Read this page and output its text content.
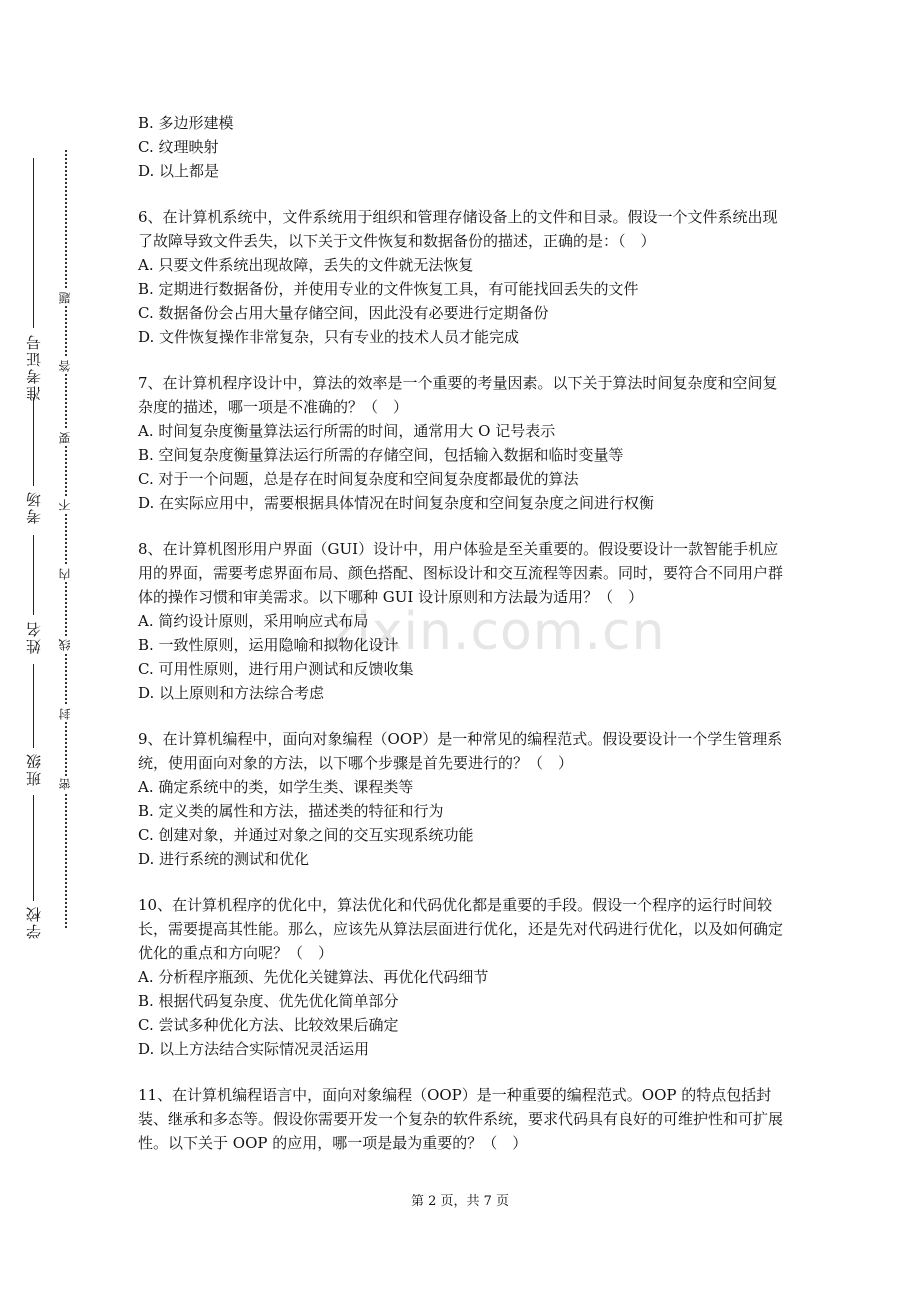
准考证号
考场
姓名
班级
学校
题
答
要
不
内
线
封
密
zixin.com.cn
B. 多边形建模
C. 纹理映射
D. 以上都是
6、在计算机系统中，文件系统用于组织和管理存储设备上的文件和目录。假设一个文件系统出现了故障导致文件丢失，以下关于文件恢复和数据备份的描述，正确的是：（　）
A. 只要文件系统出现故障，丢失的文件就无法恢复
B. 定期进行数据备份，并使用专业的文件恢复工具，有可能找回丢失的文件
C. 数据备份会占用大量存储空间，因此没有必要进行定期备份
D. 文件恢复操作非常复杂，只有专业的技术人员才能完成
7、在计算机程序设计中，算法的效率是一个重要的考量因素。以下关于算法时间复杂度和空间复杂度的描述，哪一项是不准确的？（　）
A. 时间复杂度衡量算法运行所需的时间，通常用大 O 记号表示
B. 空间复杂度衡量算法运行所需的存储空间，包括输入数据和临时变量等
C. 对于一个问题，总是存在时间复杂度和空间复杂度都最优的算法
D. 在实际应用中，需要根据具体情况在时间复杂度和空间复杂度之间进行权衡
8、在计算机图形用户界面（GUI）设计中，用户体验是至关重要的。假设要设计一款智能手机应用的界面，需要考虑界面布局、颜色搭配、图标设计和交互流程等因素。同时，要符合不同用户群体的操作习惯和审美需求。以下哪种 GUI 设计原则和方法最为适用？（　）
A. 简约设计原则，采用响应式布局
B. 一致性原则，运用隐喻和拟物化设计
C. 可用性原则，进行用户测试和反馈收集
D. 以上原则和方法综合考虑
9、在计算机编程中，面向对象编程（OOP）是一种常见的编程范式。假设要设计一个学生管理系统，使用面向对象的方法，以下哪个步骤是首先要进行的？（　）
A. 确定系统中的类，如学生类、课程类等
B. 定义类的属性和方法，描述类的特征和行为
C. 创建对象，并通过对象之间的交互实现系统功能
D. 进行系统的测试和优化
10、在计算机程序的优化中，算法优化和代码优化都是重要的手段。假设一个程序的运行时间较长，需要提高其性能。那么，应该先从算法层面进行优化，还是先对代码进行优化，以及如何确定优化的重点和方向呢？（　）
A. 分析程序瓶颈、先优化关键算法、再优化代码细节
B. 根据代码复杂度、优先优化简单部分
C. 尝试多种优化方法、比较效果后确定
D. 以上方法结合实际情况灵活运用
11、在计算机编程语言中，面向对象编程（OOP）是一种重要的编程范式。OOP 的特点包括封装、继承和多态等。假设你需要开发一个复杂的软件系统，要求代码具有良好的可维护性和可扩展性。以下关于 OOP 的应用，哪一项是最为重要的？（　）
第 2 页，共 7 页
